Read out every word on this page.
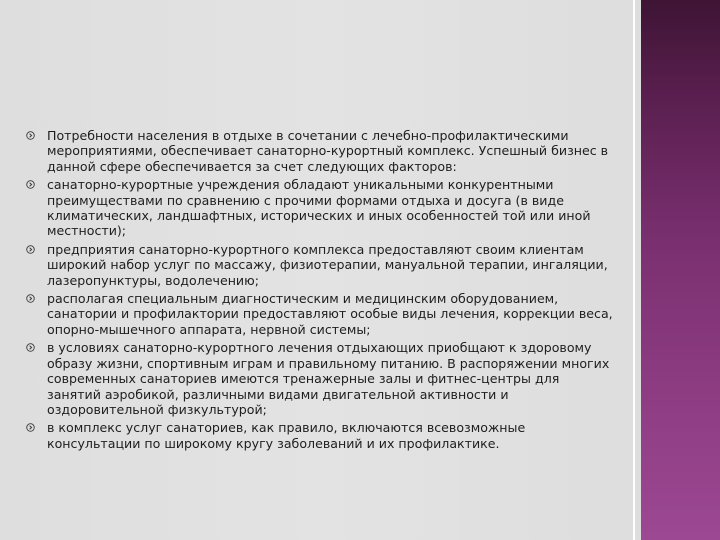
Потребности населения в отдыхе в сочетании с лечебно-профилактическими мероприятиями, обеспечивает санаторно-курортный комплекс. Успешный бизнес в данной сфере обеспечивается за счет следующих факторов:
санаторно-курортные учреждения обладают уникальными конкурентными преимуществами по сравнению с прочими формами отдыха и досуга (в виде климатических, ландшафтных, исторических и иных особенностей той или иной местности);
предприятия санаторно-курортного комплекса предоставляют своим клиентам широкий набор услуг по массажу, физиотерапии, мануальной терапии, ингаляции, лазеропунктуры, водолечению;
располагая специальным диагностическим и медицинским оборудованием, санатории и профилактории предоставляют особые виды лечения, коррекции веса, опорно-мышечного аппарата, нервной системы;
в условиях санаторно-курортного лечения отдыхающих приобщают к здоровому образу жизни, спортивным играм и правильному питанию. В распоряжении многих современных санаториев имеются тренажерные залы и фитнес-центры для занятий аэробикой, различными видами двигательной активности и оздоровительной физкультурой;
в комплекс услуг санаториев, как правило, включаются всевозможные консультации по широкому кругу заболеваний и их профилактике.
